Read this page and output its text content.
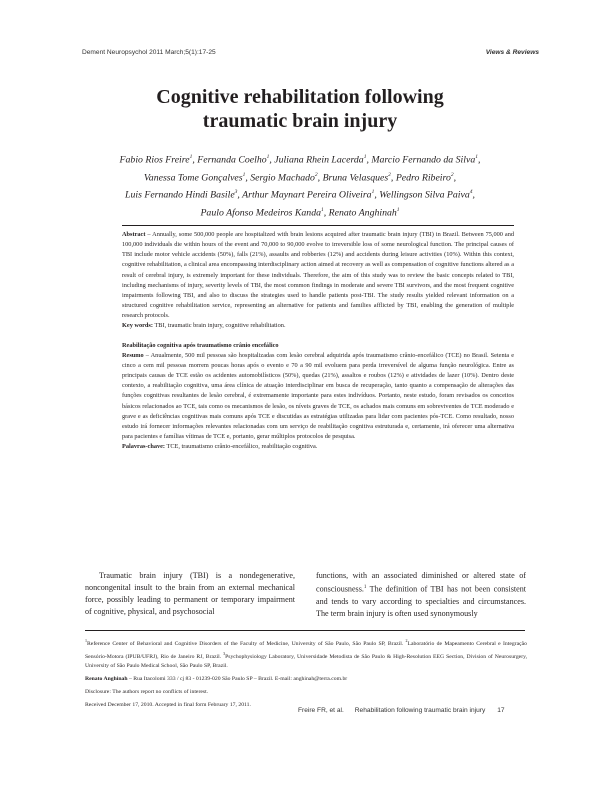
Dement Neuropsychol 2011 March;5(1):17-25	Views & Reviews
Cognitive rehabilitation following
traumatic brain injury
Fabio Rios Freire$^1$, Fernanda Coelho$^1$, Juliana Rhein Lacerda$^1$, Marcio Fernando da Silva$^1$,
Vanessa Tome Gonçalves$^1$, Sergio Machado$^2$, Bruna Velasques$^2$, Pedro Ribeiro$^2$,
Luis Fernando Hindi Basile$^3$, Arthur Maynart Pereira Oliveira$^1$, Wellingson Silva Paiva$^4$,
Paulo Afonso Medeiros Kanda$^1$, Renato Anghinah$^1$

Abstract – Annually, some 500,000 people are hospitalized with brain lesions acquired after traumatic brain injury (TBI) in Brazil. Between 75,000 and 100,000 individuals die within hours of the event and 70,000 to 90,000 evolve to irreversible loss of some neurological function. The principal causes of TBI include motor vehicle accidents (50%), falls (21%), assaults and robberies (12%) and accidents during leisure activities (10%). Within this context, cognitive rehabilitation, a clinical area encompassing interdisciplinary action aimed at recovery as well as compensation of cognitive functions altered as a result of cerebral injury, is extremely important for these individuals. Therefore, the aim of this study was to review the basic concepts related to TBI, including mechanisms of injury, severity levels of TBI, the most common findings in moderate and severe TBI survivors, and the most frequent cognitive impairments following TBI, and also to discuss the strategies used to handle patients post-TBI. The study results yielded relevant information on a structured cognitive rehabilitation service, representing an alternative for patients and families afflicted by TBI, enabling the generation of multiple research protocols.

Key words: TBI, traumatic brain injury, cognitive rehabilitation.

Reabilitação cognitiva após traumatismo crânio encefálico

Resumo – Anualmente, 500 mil pessoas são hospitalizadas com lesão cerebral adquirida após traumatismo crânio-encefálico (TCE) no Brasil. Setenta e cinco a cem mil pessoas morrem poucas horas após o evento e 70 a 90 mil evoluem para perda irreversível de alguma função neurológica. Entre as principais causas de TCE estão os acidentes automobilísticos (50%), quedas (21%), assaltos e roubos (12%) e atividades de lazer (10%). Dentro deste contexto, a reabilitação cognitiva, uma área clínica de atuação interdisciplinar em busca de recuperação, tanto quanto a compensação de alterações das funções cognitivas resultantes de lesão cerebral, é extremamente importante para estes indivíduos. Portanto, neste estudo, foram revisados os conceitos básicos relacionados ao TCE, tais como os mecanismos de lesão, os níveis graves de TCE, os achados mais comuns em sobreviventes de TCE moderado e grave e as deficiências cognitivas mais comuns após TCE e discutidas as estratégias utilizadas para lidar com pacientes pós-TCE. Como resultado, nosso estudo irá fornecer informações relevantes relacionadas com um serviço de reabilitação cognitiva estruturada e, certamente, irá oferecer uma alternativa para pacientes e famílias vítimas de TCE e, portanto, gerar múltiplos protocolos de pesquisa.

Palavras-chave: TCE, traumatismo crânio-encefálico, reabilitação cognitiva.

Traumatic brain injury (TBI) is a nondegenerative, noncongenital insult to the brain from an external mechanical force, possibly leading to permanent or temporary impairment of cognitive, physical, and psychosocial

functions, with an associated diminished or altered state of consciousness.$^1$ The definition of TBI has not been consistent and tends to vary according to specialties and circumstances. The term brain injury is often used synonymously

$^1$Reference Center of Behavioral and Cognitive Disorders of the Faculty of Medicine, University of São Paulo, São Paulo SP, Brazil. $^2$Laboratório de Mapeamento Cerebral e Integração Sensório-Motora (IPUB/UFRJ), Rio de Janeiro RJ, Brazil. $^3$Psychophysiology Laboratory, Universidade Metodista de São Paulo & High-Resolution EEG Section, Division of Neurosurgery, University of São Paulo Medical School, São Paulo SP, Brazil.

Renato Anghinah – Rua Itacolomi 333 / cj 83 - 01239-020 São Paulo SP – Brazil. E-mail: anghinah@terra.com.br

Disclosure: The authors report no conflicts of interest.

Received December 17, 2010. Accepted in final form February 17, 2011.

Freire FR, et al.      Rehabilitation following traumatic brain injury 17
